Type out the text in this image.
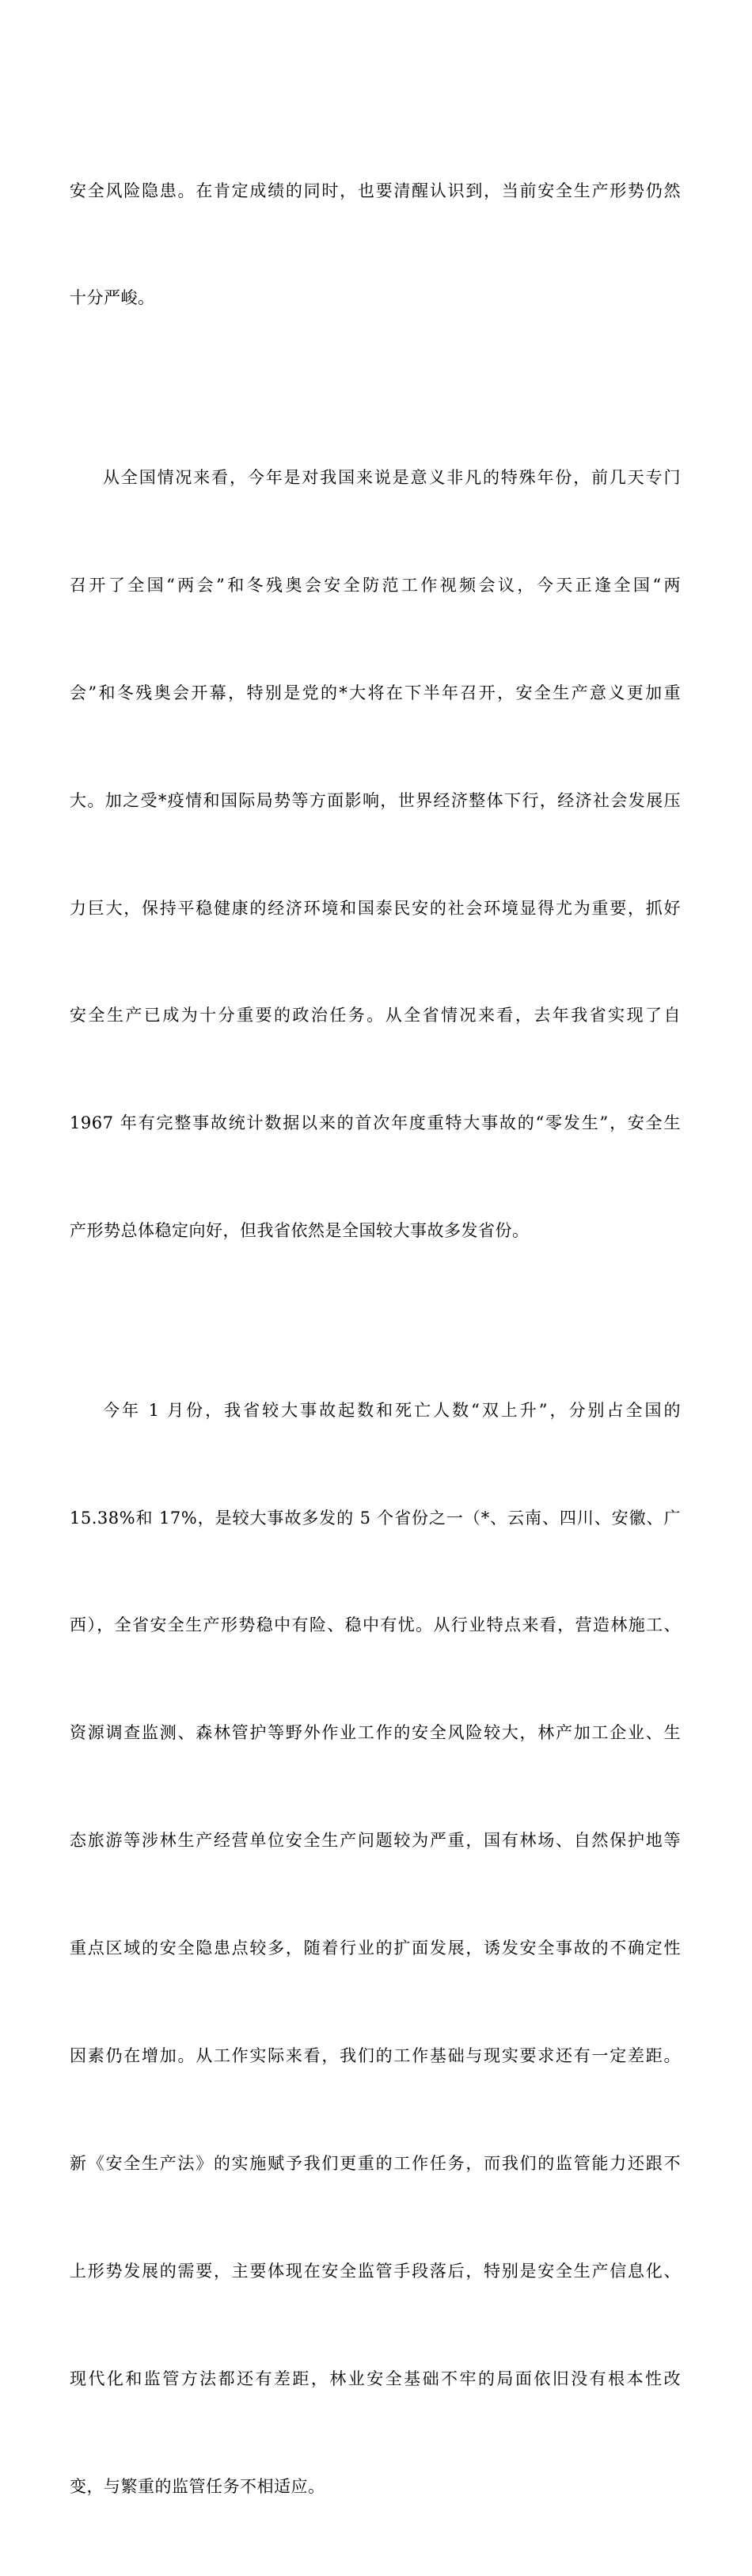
安全风险隐患。在肯定成绩的同时，也要清醒认识到，当前安全生产形势仍然

十分严峻。

从全国情况来看，今年是对我国来说是意义非凡的特殊年份，前几天专门

召开了全国“两会”和冬残奥会安全防范工作视频会议，今天正逢全国“两

会”和冬残奥会开幕，特别是党的*大将在下半年召开，安全生产意义更加重

大。加之受*疫情和国际局势等方面影响，世界经济整体下行，经济社会发展压

力巨大，保持平稳健康的经济环境和国泰民安的社会环境显得尤为重要，抓好

安全生产已成为十分重要的政治任务。从全省情况来看，去年我省实现了自

1967 年有完整事故统计数据以来的首次年度重特大事故的“零发生”，安全生

产形势总体稳定向好，但我省依然是全国较大事故多发省份。

今年 1 月份，我省较大事故起数和死亡人数“双上升”，分别占全国的

15.38%和 17%，是较大事故多发的 5 个省份之一（*、云南、四川、安徽、广

西），全省安全生产形势稳中有险、稳中有忧。从行业特点来看，营造林施工、

资源调查监测、森林管护等野外作业工作的安全风险较大，林产加工企业、生

态旅游等涉林生产经营单位安全生产问题较为严重，国有林场、自然保护地等

重点区域的安全隐患点较多，随着行业的扩面发展，诱发安全事故的不确定性

因素仍在增加。从工作实际来看，我们的工作基础与现实要求还有一定差距。

新《安全生产法》的实施赋予我们更重的工作任务，而我们的监管能力还跟不

上形势发展的需要，主要体现在安全监管手段落后，特别是安全生产信息化、

现代化和监管方法都还有差距，林业安全基础不牢的局面依旧没有根本性改

变，与繁重的监管任务不相适应。
